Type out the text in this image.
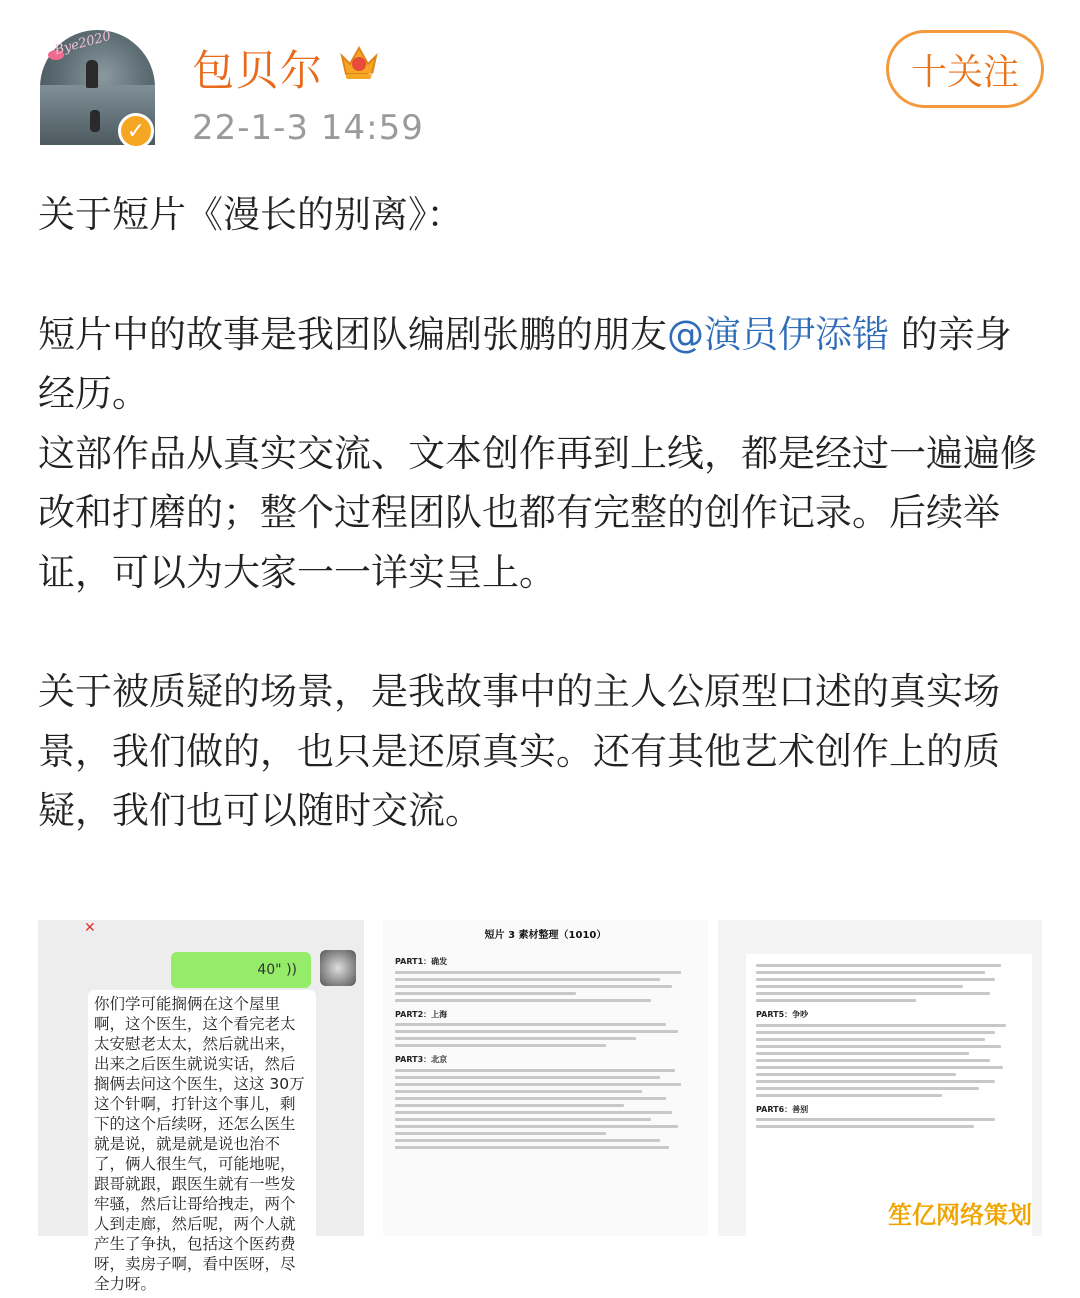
Bye2020
✓
包贝尔	7
22-1-3 14:59
十关注

关于短片《漫长的别离》：

短片中的故事是我团队编剧张鹏的朋友@演员伊添锴 的亲身经历。

这部作品从真实交流、文本创作再到上线，都是经过一遍遍修改和打磨的；整个过程团队也都有完整的创作记录。后续举证，可以为大家一一详实呈上。

关于被质疑的场景，是我故事中的主人公原型口述的真实场景，我们做的，也只是还原真实。还有其他艺术创作上的质疑，我们也可以随时交流。

✕
40" ))
你们学可能搁俩在这个屋里啊，这个医生，这个看完老太太安慰老太太，然后就出来，出来之后医生就说实话，然后搁俩去问这个医生，这这 30万这个针啊，打针这个事儿，剩下的这个后续呀，还怎么医生就是说，就是就是说也治不了，俩人很生气，可能地呢，跟哥就跟，跟医生就有一些发牢骚，然后让哥给拽走，两个人到走廊，然后呢，两个人就产生了争执，包括这个医药费呀，卖房子啊，看中医呀，尽全力呀。
短片 3 素材整理（1010）
PART1：确发
PART2：上海
PART3：北京
PART5：争吵
PART6：善别
笙亿网络策划
